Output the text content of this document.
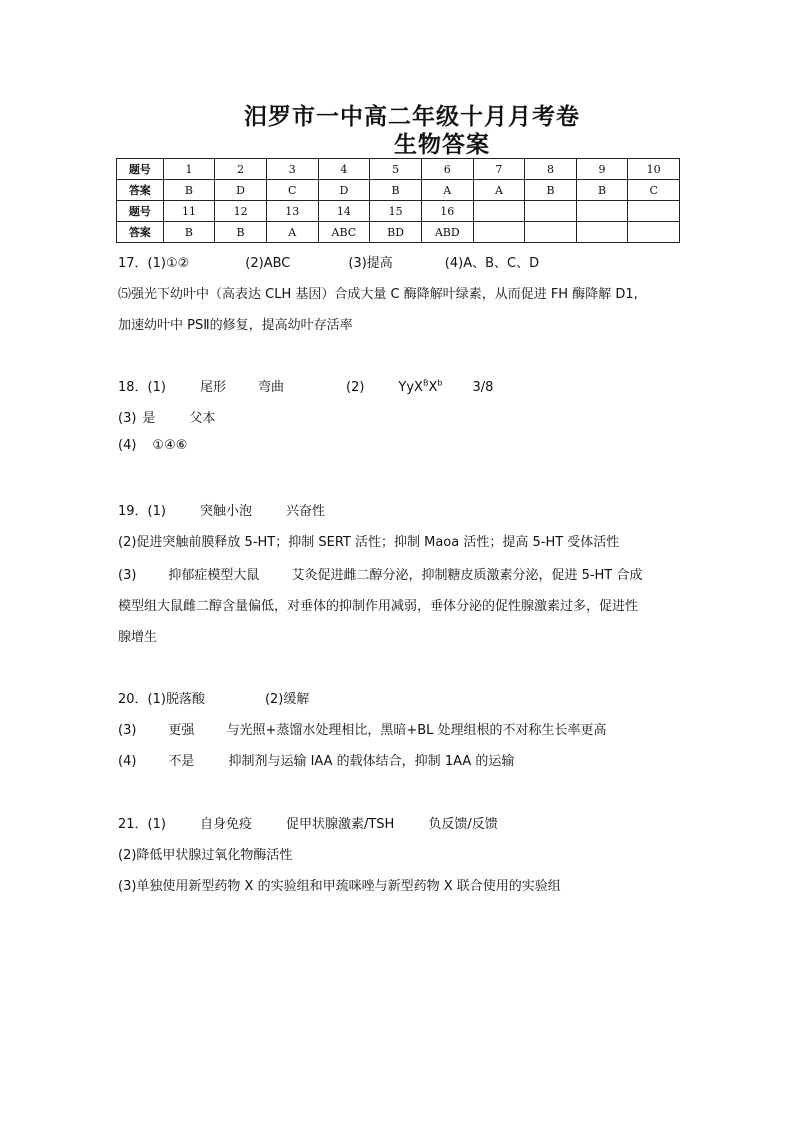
汨罗市一中高二年级十月月考卷
生物答案
题号	1	2	3	4	5	6	7	8	9	10
答案	B	D	C	D	B	A	A	B	B	C
题号	11	12	13	14	15	16				
答案	B	B	A	ABC	BD	ABD				
17．(1)①②	(2)ABC	(3)提高	(4)A、B、C、D
⑸强光下幼叶中（高表达 CLH 基因）合成大量 C 酶降解叶绿素，从而促进 FH 酶降解 D1,
加速幼叶中 PSⅡ的修复，提高幼叶存活率
18．(1)	尾形 弯曲	(2)	$YyX^BX^b$ 3/8
(3) 是	父本
(4) ①④⑥
19．(1)	突触小泡	兴奋性
(2)促进突触前膜释放 5-HT；抑制 SERT 活性；抑制 Maoa 活性；提高 5-HT 受体活性
(3) 抑郁症模型大鼠 艾灸促进雌二醇分泌，抑制糖皮质激素分泌，促进 5-HT 合成
模型组大鼠雌二醇含量偏低，对垂体的抑制作用减弱，垂体分泌的促性腺激素过多，促进性
腺增生
20．(1)脱落酸	(2)缓解
(3) 更强 与光照+蒸馏水处理相比，黑暗+BL 处理组根的不对称生长率更高
(4) 不是	抑制剂与运输 IAA 的载体结合，抑制 1AA 的运输
21．(1)	自身免疫	促甲状腺激素/TSH	负反馈/反馈
(2)降低甲状腺过氧化物酶活性
(3)单独使用新型药物 X 的实验组和甲巯咪唑与新型药物 X 联合使用的实验组
